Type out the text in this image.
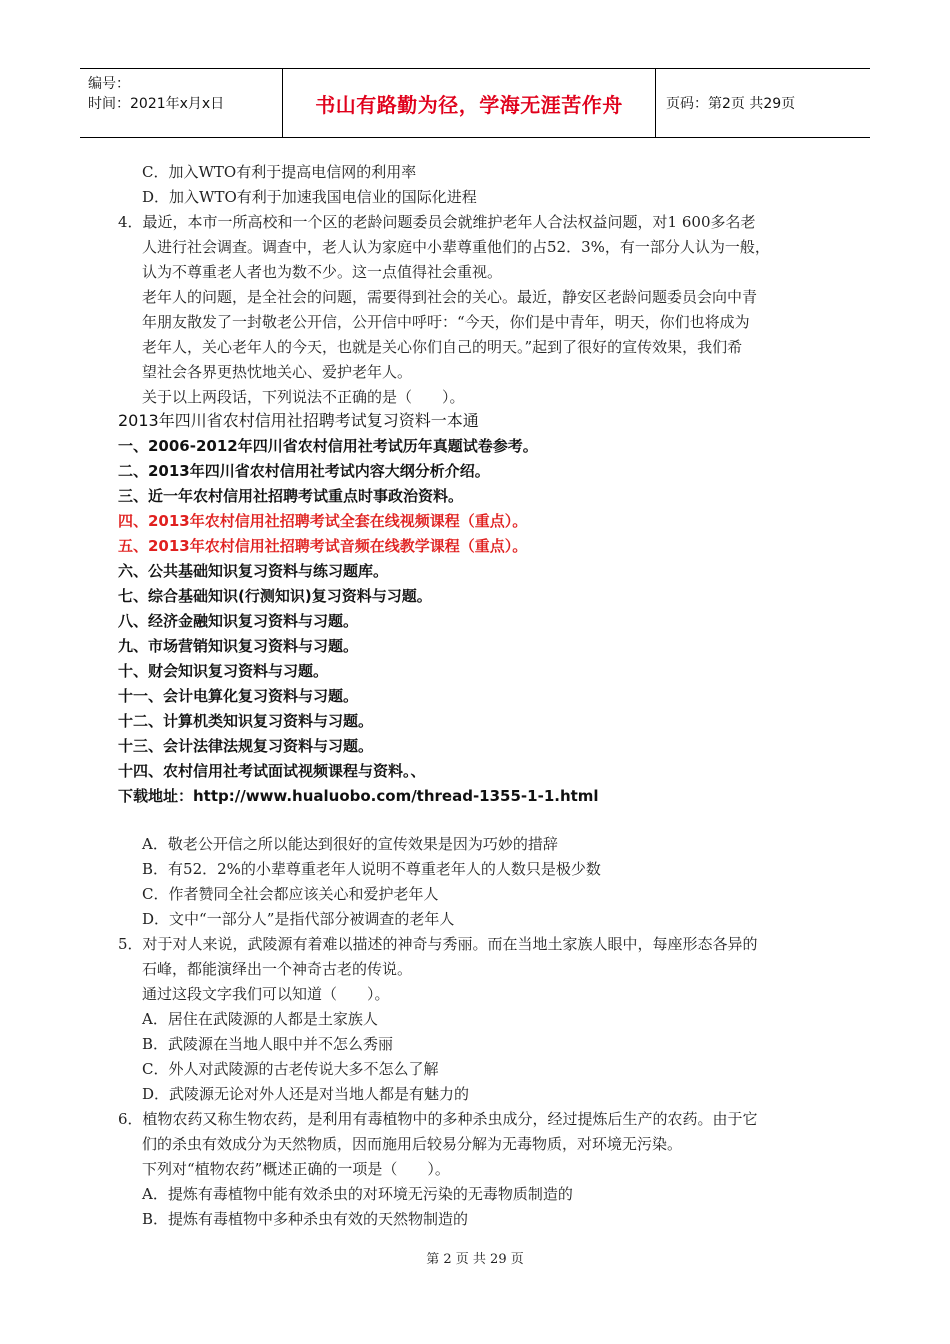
编号：
时间：2021年x月x日	书山有路勤为径，学海无涯苦作舟	页码：第2页 共29页
C．加入WTO有利于提高电信网的利用率
D．加入WTO有利于加速我国电信业的国际化进程
4．最近，本市一所高校和一个区的老龄问题委员会就维护老年人合法权益问题，对1 600多名老
人进行社会调查。调查中，老人认为家庭中小辈尊重他们的占52．3%，有一部分人认为一般，
认为不尊重老人者也为数不少。这一点值得社会重视。
老年人的问题，是全社会的问题，需要得到社会的关心。最近，静安区老龄问题委员会向中青
年朋友散发了一封敬老公开信，公开信中呼吁：“今天，你们是中青年，明天，你们也将成为
老年人，关心老年人的今天，也就是关心你们自己的明天。”起到了很好的宣传效果，我们希
望社会各界更热忱地关心、爱护老年人。
关于以上两段话，下列说法不正确的是（　　）。
2013年四川省农村信用社招聘考试复习资料一本通
一、2006-2012年四川省农村信用社考试历年真题试卷参考。
二、2013年四川省农村信用社考试内容大纲分析介绍。
三、近一年农村信用社招聘考试重点时事政治资料。
四、2013年农村信用社招聘考试全套在线视频课程（重点）。
五、2013年农村信用社招聘考试音频在线教学课程（重点）。
六、公共基础知识复习资料与练习题库。
七、综合基础知识(行测知识)复习资料与习题。
八、经济金融知识复习资料与习题。
九、市场营销知识复习资料与习题。
十、财会知识复习资料与习题。
十一、会计电算化复习资料与习题。
十二、计算机类知识复习资料与习题。
十三、会计法律法规复习资料与习题。
十四、农村信用社考试面试视频课程与资料。、
下载地址：http://www.hualuobo.com/thread-1355-1-1.html
A．敬老公开信之所以能达到很好的宣传效果是因为巧妙的措辞
B．有52．2%的小辈尊重老年人说明不尊重老年人的人数只是极少数
C．作者赞同全社会都应该关心和爱护老年人
D．文中“一部分人”是指代部分被调查的老年人
5．对于对人来说，武陵源有着难以描述的神奇与秀丽。而在当地土家族人眼中，每座形态各异的
石峰，都能演绎出一个神奇古老的传说。
通过这段文字我们可以知道（　　）。
A．居住在武陵源的人都是土家族人
B．武陵源在当地人眼中并不怎么秀丽
C．外人对武陵源的古老传说大多不怎么了解
D．武陵源无论对外人还是对当地人都是有魅力的
6．植物农药又称生物农药，是利用有毒植物中的多种杀虫成分，经过提炼后生产的农药。由于它
们的杀虫有效成分为天然物质，因而施用后较易分解为无毒物质，对环境无污染。
下列对“植物农药”概述正确的一项是（　　）。
A．提炼有毒植物中能有效杀虫的对环境无污染的无毒物质制造的
B．提炼有毒植物中多种杀虫有效的天然物制造的
第 2 页 共 29 页
